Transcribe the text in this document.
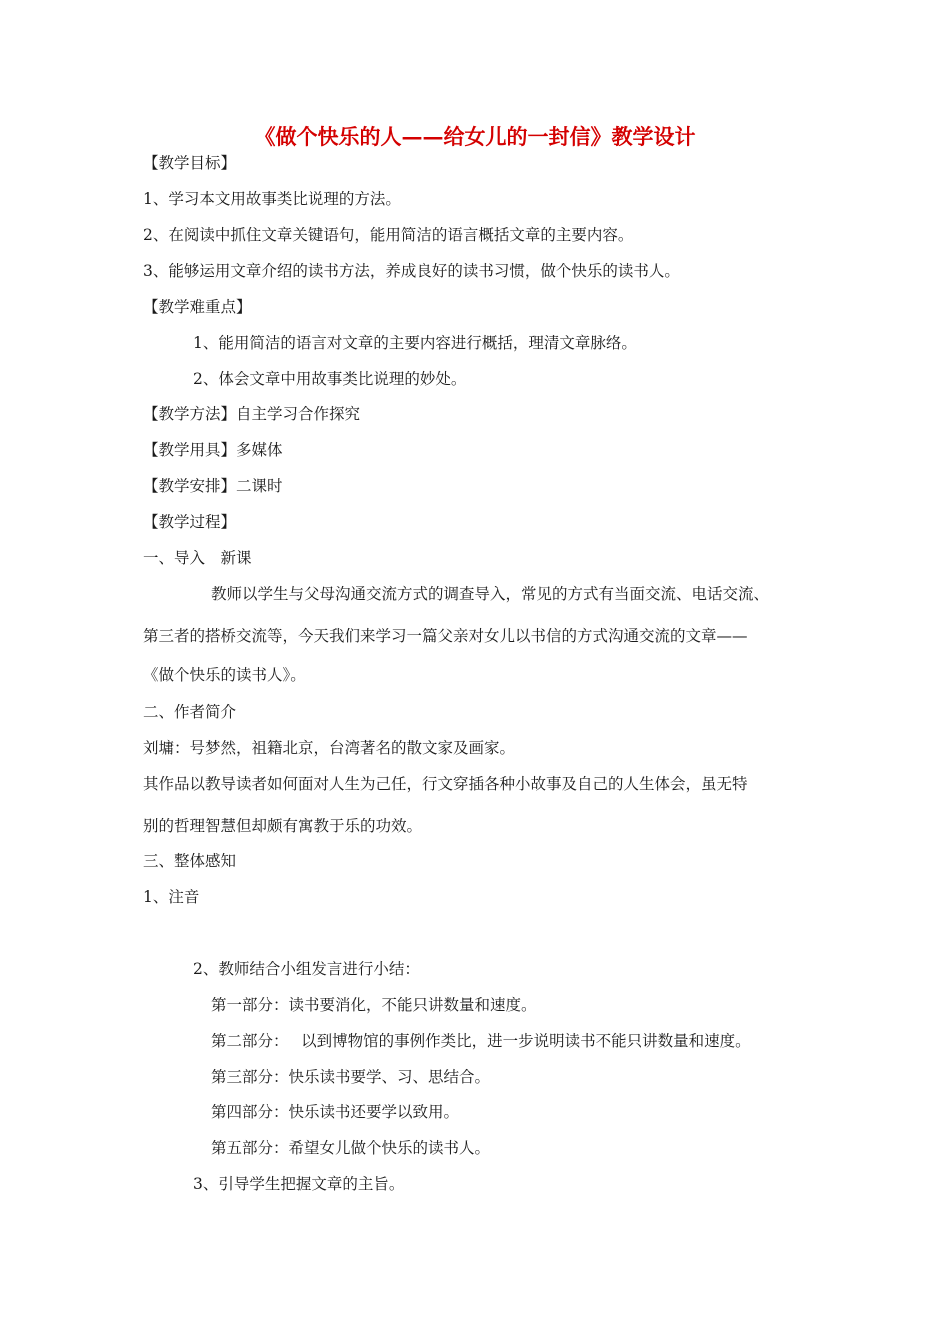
《做个快乐的人——给女儿的一封信》教学设计
【教学目标】
1、学习本文用故事类比说理的方法。
2、在阅读中抓住文章关键语句，能用简洁的语言概括文章的主要内容。
3、能够运用文章介绍的读书方法，养成良好的读书习惯，做个快乐的读书人。
【教学难重点】
1、能用简洁的语言对文章的主要内容进行概括，理清文章脉络。
2、体会文章中用故事类比说理的妙处。
【教学方法】自主学习合作探究
【教学用具】多媒体
【教学安排】二课时
【教学过程】
一、导入　新课
教师以学生与父母沟通交流方式的调查导入，常见的方式有当面交流、电话交流、
第三者的搭桥交流等，今天我们来学习一篇父亲对女儿以书信的方式沟通交流的文章——
《做个快乐的读书人》。
二、作者简介
刘墉：号梦然，祖籍北京，台湾著名的散文家及画家。
其作品以教导读者如何面对人生为己任，行文穿插各种小故事及自己的人生体会，虽无特
别的哲理智慧但却颇有寓教于乐的功效。
三、整体感知
1、注音
2、教师结合小组发言进行小结：
第一部分：读书要消化，不能只讲数量和速度。
第二部分：　 以到博物馆的事例作类比，进一步说明读书不能只讲数量和速度。
第三部分：快乐读书要学、习、思结合。
第四部分：快乐读书还要学以致用。
第五部分：希望女儿做个快乐的读书人。
3、引导学生把握文章的主旨。
